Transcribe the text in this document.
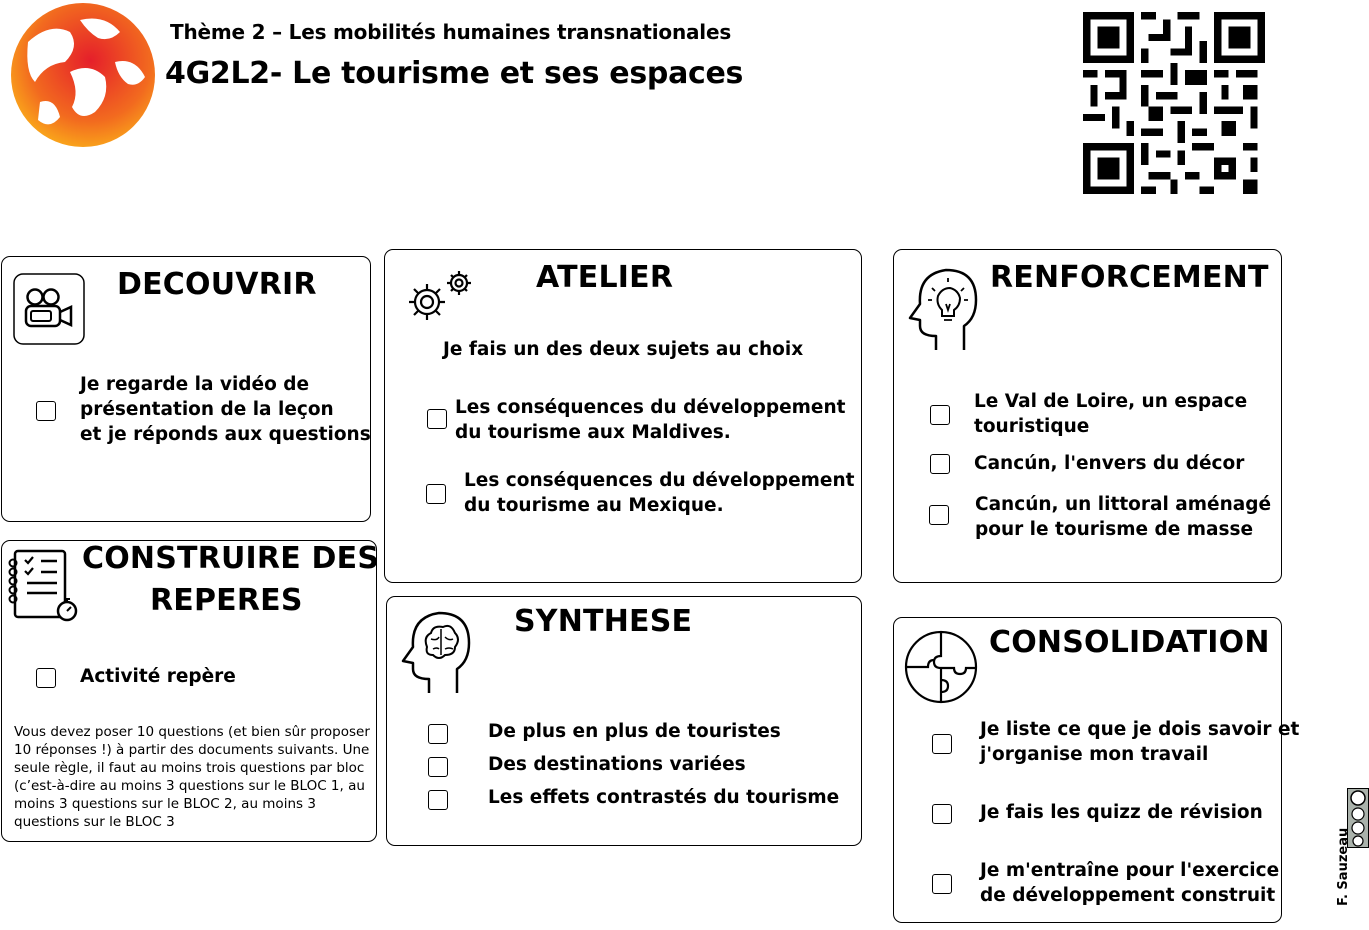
Thème 2 – Les mobilités humaines transnationales
4G2L2- Le tourisme et ses espaces
DECOUVRIR
Je regarde la vidéo de
présentation de la leçon
et je réponds aux questions
CONSTRUIRE DES
REPERES
Activité repère
Vous devez poser 10 questions (et bien sûr proposer
10 réponses !) à partir des documents suivants. Une
seule règle, il faut au moins trois questions par bloc
(c’est-à-dire au moins 3 questions sur le BLOC 1, au
moins 3 questions sur le BLOC 2, au moins 3
questions sur le BLOC 3
ATELIER
Je fais un des deux sujets au choix
Les conséquences du développement
du tourisme aux Maldives.
Les conséquences du développement
du tourisme au Mexique.
SYNTHESE
De plus en plus de touristes
Des destinations variées
Les effets contrastés du tourisme
RENFORCEMENT
Le Val de Loire, un espace
touristique
Cancún, l'envers du décor
Cancún, un littoral aménagé
pour le tourisme de masse
CONSOLIDATION
Je liste ce que je dois savoir et
j'organise mon travail
Je fais les quizz de révision
Je m'entraîne pour l'exercice
de développement construit	F. Sauzeau
